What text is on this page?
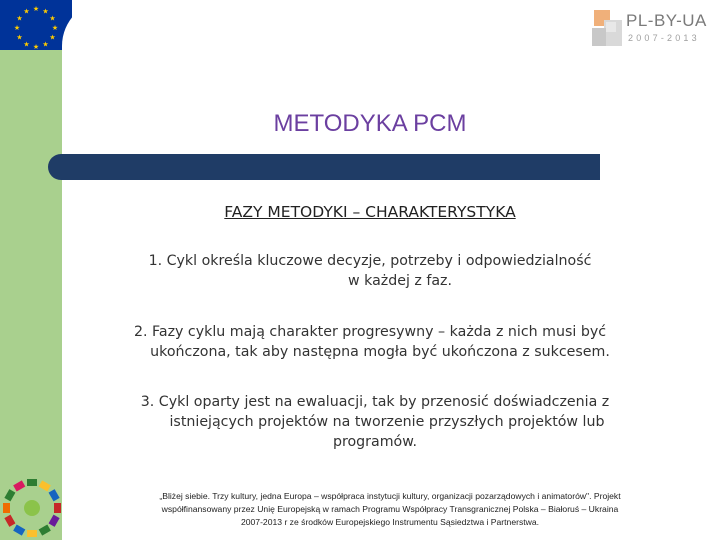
★ ★
★
★
★
★
★
★
★
★
★
★	PL-BY-UA
2007-2013
METODYKA PCM
FAZY METODYKI – CHARAKTERYSTYKA
1. Cykl określa kluczowe decyzje, potrzeby i odpowiedzialność
w każdej z faz.
2. Fazy cyklu mają charakter progresywny – każda z nich musi być
ukończona, tak aby następna mogła być ukończona z sukcesem.
3. Cykl oparty jest na ewaluacji, tak by przenosić doświadczenia z
istniejących projektów na tworzenie przyszłych projektów lub
programów.
„Bliżej siebie. Trzy kultury, jedna Europa – współpraca instytucji kultury, organizacji pozarządowych i animatorów". Projekt
współfinansowany przez Unię Europejską w ramach Programu Współpracy Transgranicznej Polska – Białoruś – Ukraina
2007-2013 r ze środków Europejskiego Instrumentu Sąsiedztwa i Partnerstwa.
